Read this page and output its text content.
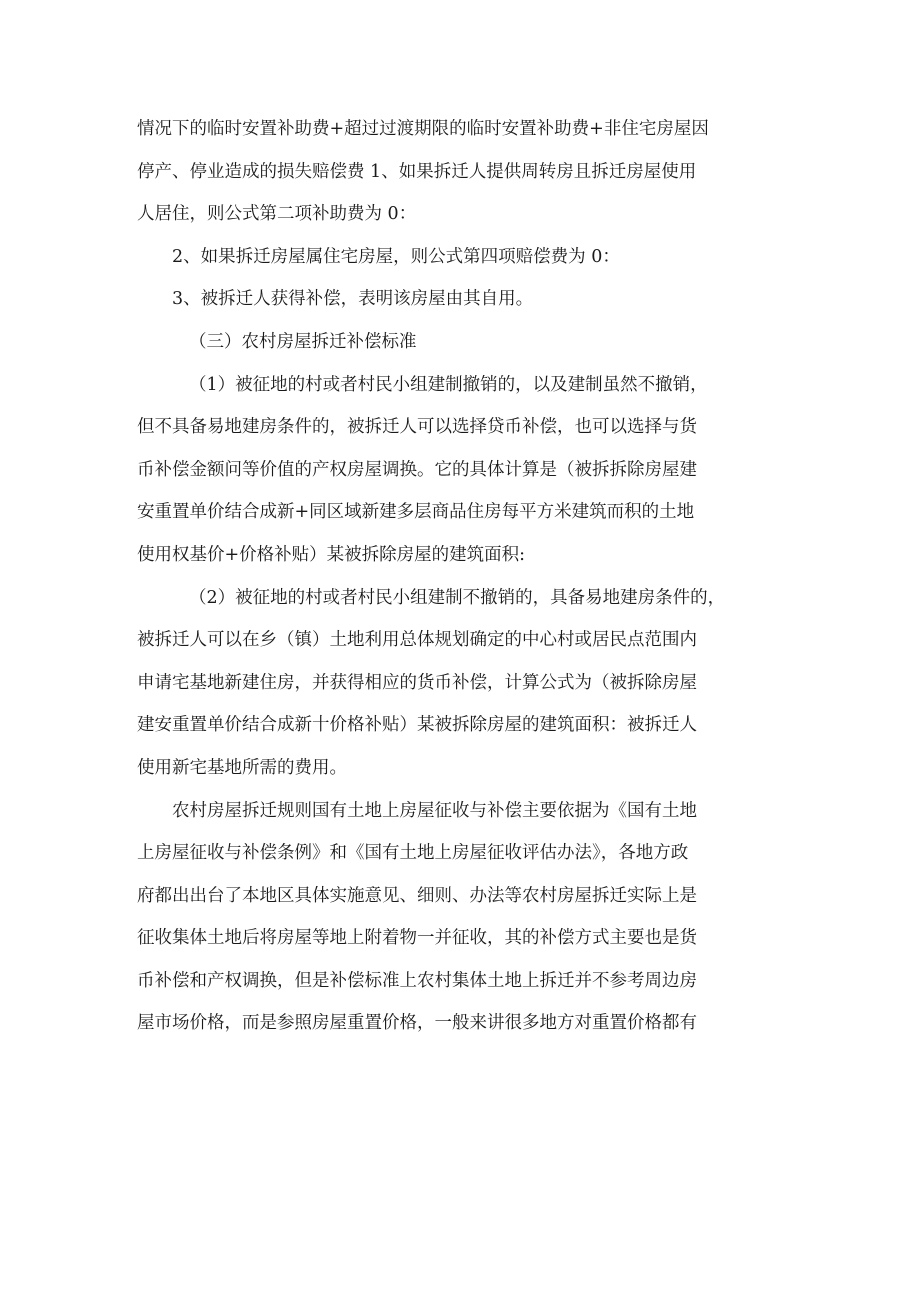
情况下的临时安置补助费+超过过渡期限的临时安置补助费+非住宅房屋因
停产、停业造成的损失赔偿费 1、如果拆迁人提供周转房且拆迁房屋使用
人居住，则公式第二项补助费为 0：
2、如果拆迁房屋属住宅房屋，则公式第四项赔偿费为 0：
3、被拆迁人获得补偿，表明该房屋由其自用。
（三）农村房屋拆迁补偿标准
（1）被征地的村或者村民小组建制撤销的，以及建制虽然不撤销，
但不具备易地建房条件的，被拆迁人可以选择贷币补偿，也可以选择与货
币补偿金额问等价值的产权房屋调换。它的具体计算是（被拆拆除房屋建
安重置单价结合成新+同区域新建多层商品住房每平方米建筑而积的土地
使用权基价+价格补贴）某被拆除房屋的建筑面积:
（2）被征地的村或者村民小组建制不撤销的，具备易地建房条件的，
被拆迁人可以在乡（镇）土地利用总体规划确定的中心村或居民点范围内
申请宅基地新建住房，并获得相应的货币补偿，计算公式为（被拆除房屋
建安重置单价结合成新十价格补贴）某被拆除房屋的建筑面积：被拆迁人
使用新宅基地所需的费用。
农村房屋拆迁规则国有土地上房屋征收与补偿主要依据为《国有土地
上房屋征收与补偿条例》和《国有土地上房屋征收评估办法》，各地方政
府都出出台了本地区具体实施意见、细则、办法等农村房屋拆迁实际上是
征收集体土地后将房屋等地上附着物一并征收，其的补偿方式主要也是货
币补偿和产权调换，但是补偿标准上农村集体土地上拆迁并不参考周边房
屋市场价格，而是参照房屋重置价格，一般来讲很多地方对重置价格都有
